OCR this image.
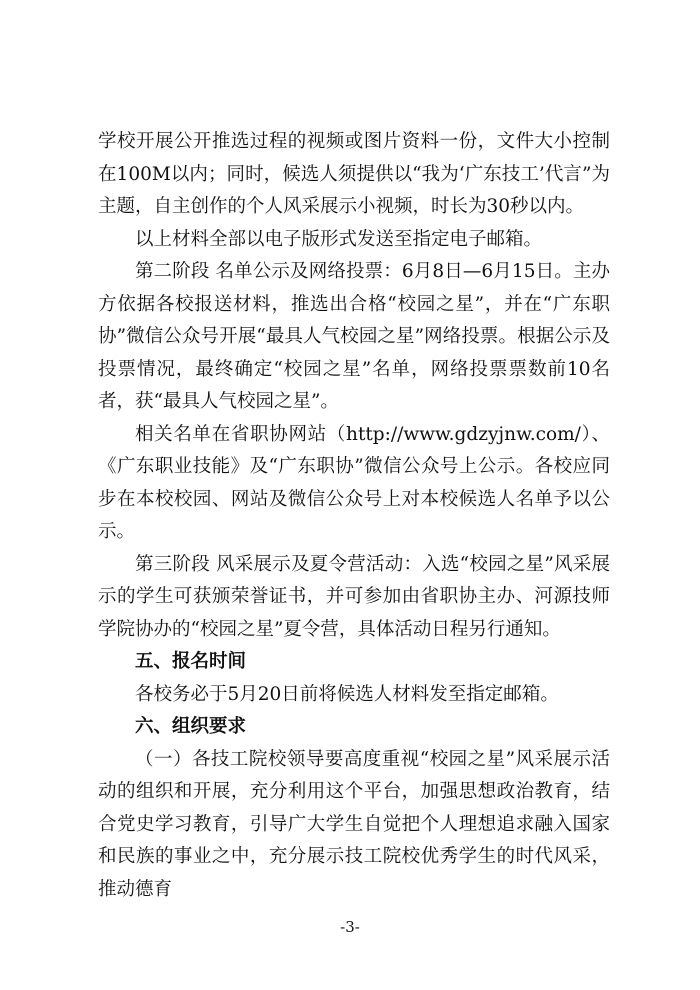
学校开展公开推选过程的视频或图片资料一份，文件大小控制在100M以内；同时，候选人须提供以“我为‘广东技工’代言”为主题，自主创作的个人风采展示小视频，时长为30秒以内。

以上材料全部以电子版形式发送至指定电子邮箱。

第二阶段 名单公示及网络投票：6月8日—6月15日。主办方依据各校报送材料，推选出合格“校园之星”，并在“广东职协”微信公众号开展“最具人气校园之星”网络投票。根据公示及投票情况，最终确定“校园之星”名单，网络投票票数前10名者，获“最具人气校园之星”。

相关名单在省职协网站（http://www.gdzyjnw.com/）、《广东职业技能》及“广东职协”微信公众号上公示。各校应同步在本校校园、网站及微信公众号上对本校候选人名单予以公示。

第三阶段 风采展示及夏令营活动：入选“校园之星”风采展示的学生可获颁荣誉证书，并可参加由省职协主办、河源技师学院协办的“校园之星”夏令营，具体活动日程另行通知。

五、报名时间

各校务必于5月20日前将候选人材料发至指定邮箱。

六、组织要求

（一）各技工院校领导要高度重视“校园之星”风采展示活动的组织和开展，充分利用这个平台，加强思想政治教育，结合党史学习教育，引导广大学生自觉把个人理想追求融入国家和民族的事业之中，充分展示技工院校优秀学生的时代风采，推动德育

-3-
